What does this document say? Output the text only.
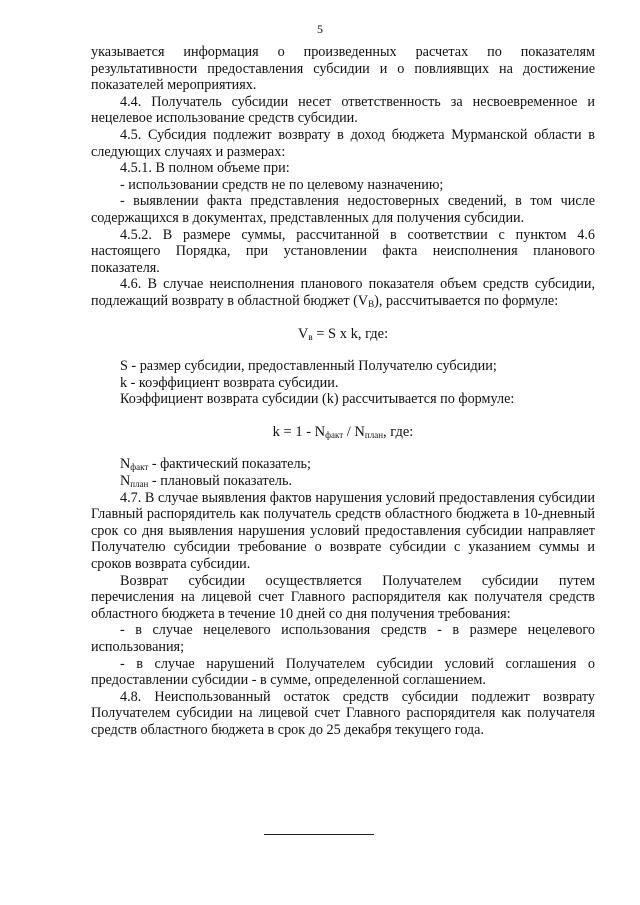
5

указывается информация о произведенных расчетах по показателям результативности предоставления субсидии и о повлиявщих на достижение показателей мероприятиях.

4.4. Получатель субсидии несет ответственность за несвоевременное и нецелевое использование средств субсидии.

4.5. Субсидия подлежит возврату в доход бюджета Мурманской области в следующих случаях и размерах:

4.5.1. В полном объеме при:

- использовании средств не по целевому назначению;

- выявлении факта представления недостоверных сведений, в том числе содержащихся в документах, представленных для получения субсидии.

4.5.2. В размере суммы, рассчитанной в соответствии с пунктом 4.6 настоящего Порядка, при установлении факта неисполнения планового показателя.

4.6. В случае неисполнения планового показателя объем средств субсидии, подлежащий возврату в областной бюджет $(V_В)$, рассчитывается по формуле:

$V_в = S$ x k, где:

S - размер субсидии, предоставленный Получателю субсидии;

k - коэффициент возврата субсидии.

Коэффициент возврата субсидии (k) рассчитывается по формуле:

$k = 1 - N_{факт} / N_{план}$, где:

$N_{факт}$ - фактический показатель;

$N_{план}$ - плановый показатель.

4.7. В случае выявления фактов нарушения условий предоставления субсидии Главный распорядитель как получатель средств областного бюджета в 10-дневный срок со дня выявления нарушения условий предоставления субсидии направляет Получателю субсидии требование о возврате субсидии с указанием суммы и сроков возврата субсидии.

Возврат субсидии осуществляется Получателем субсидии путем перечисления на лицевой счет Главного распорядителя как получателя средств областного бюджета в течение 10 дней со дня получения требования:

- в случае нецелевого использования средств - в размере нецелевого использования;

- в случае нарушений Получателем субсидии условий соглашения о предоставлении субсидии - в сумме, определенной соглашением.

4.8. Неиспользованный остаток средств субсидии подлежит возврату Получателем субсидии на лицевой счет Главного распорядителя как получателя средств областного бюджета в срок до 25 декабря текущего года.
